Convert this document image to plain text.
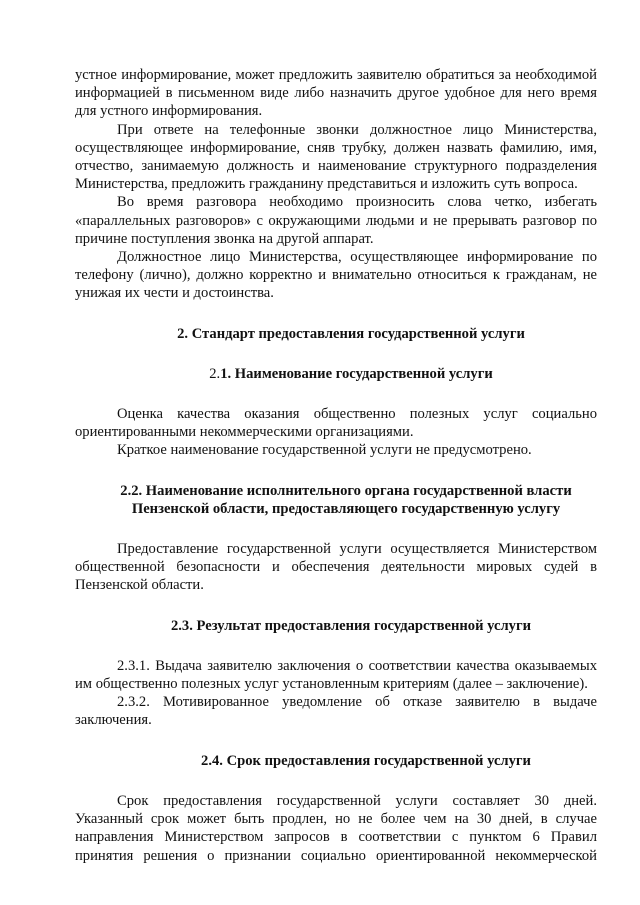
устное информирование, может предложить заявителю обратиться за необходимой информацией в письменном виде либо назначить другое удобное для него время для устного информирования.

При ответе на телефонные звонки должностное лицо Министерства, осуществляющее информирование, сняв трубку, должен назвать фамилию, имя, отчество, занимаемую должность и наименование структурного подразделения Министерства, предложить гражданину представиться и изложить суть вопроса.

Во время разговора необходимо произносить слова четко, избегать «параллельных разговоров» с окружающими людьми и не прерывать разговор по причине поступления звонка на другой аппарат.

Должностное лицо Министерства, осуществляющее информирование по телефону (лично), должно корректно и внимательно относиться к гражданам, не унижая их чести и достоинства.

2. Стандарт предоставления государственной услуги
2.1. Наименование государственной услуги

Оценка качества оказания общественно полезных услуг социально ориентированными некоммерческими организациями.

Краткое наименование государственной услуги не предусмотрено.

2.2. Наименование исполнительного органа государственной власти Пензенской области, предоставляющего государственную услугу

Предоставление государственной услуги осуществляется Министерством общественной безопасности и обеспечения деятельности мировых судей в Пензенской области.

2.3. Результат предоставления государственной услуги

2.3.1. Выдача заявителю заключения о соответствии качества оказываемых им общественно полезных услуг установленным критериям (далее – заключение).

2.3.2. Мотивированное уведомление об отказе заявителю в выдаче заключения.

2.4. Срок предоставления государственной услуги

Срок предоставления государственной услуги составляет 30 дней. Указанный срок может быть продлен, но не более чем на 30 дней, в случае направления Министерством запросов в соответствии с пунктом 6 Правил принятия решения о признании социально ориентированной некоммерческой
